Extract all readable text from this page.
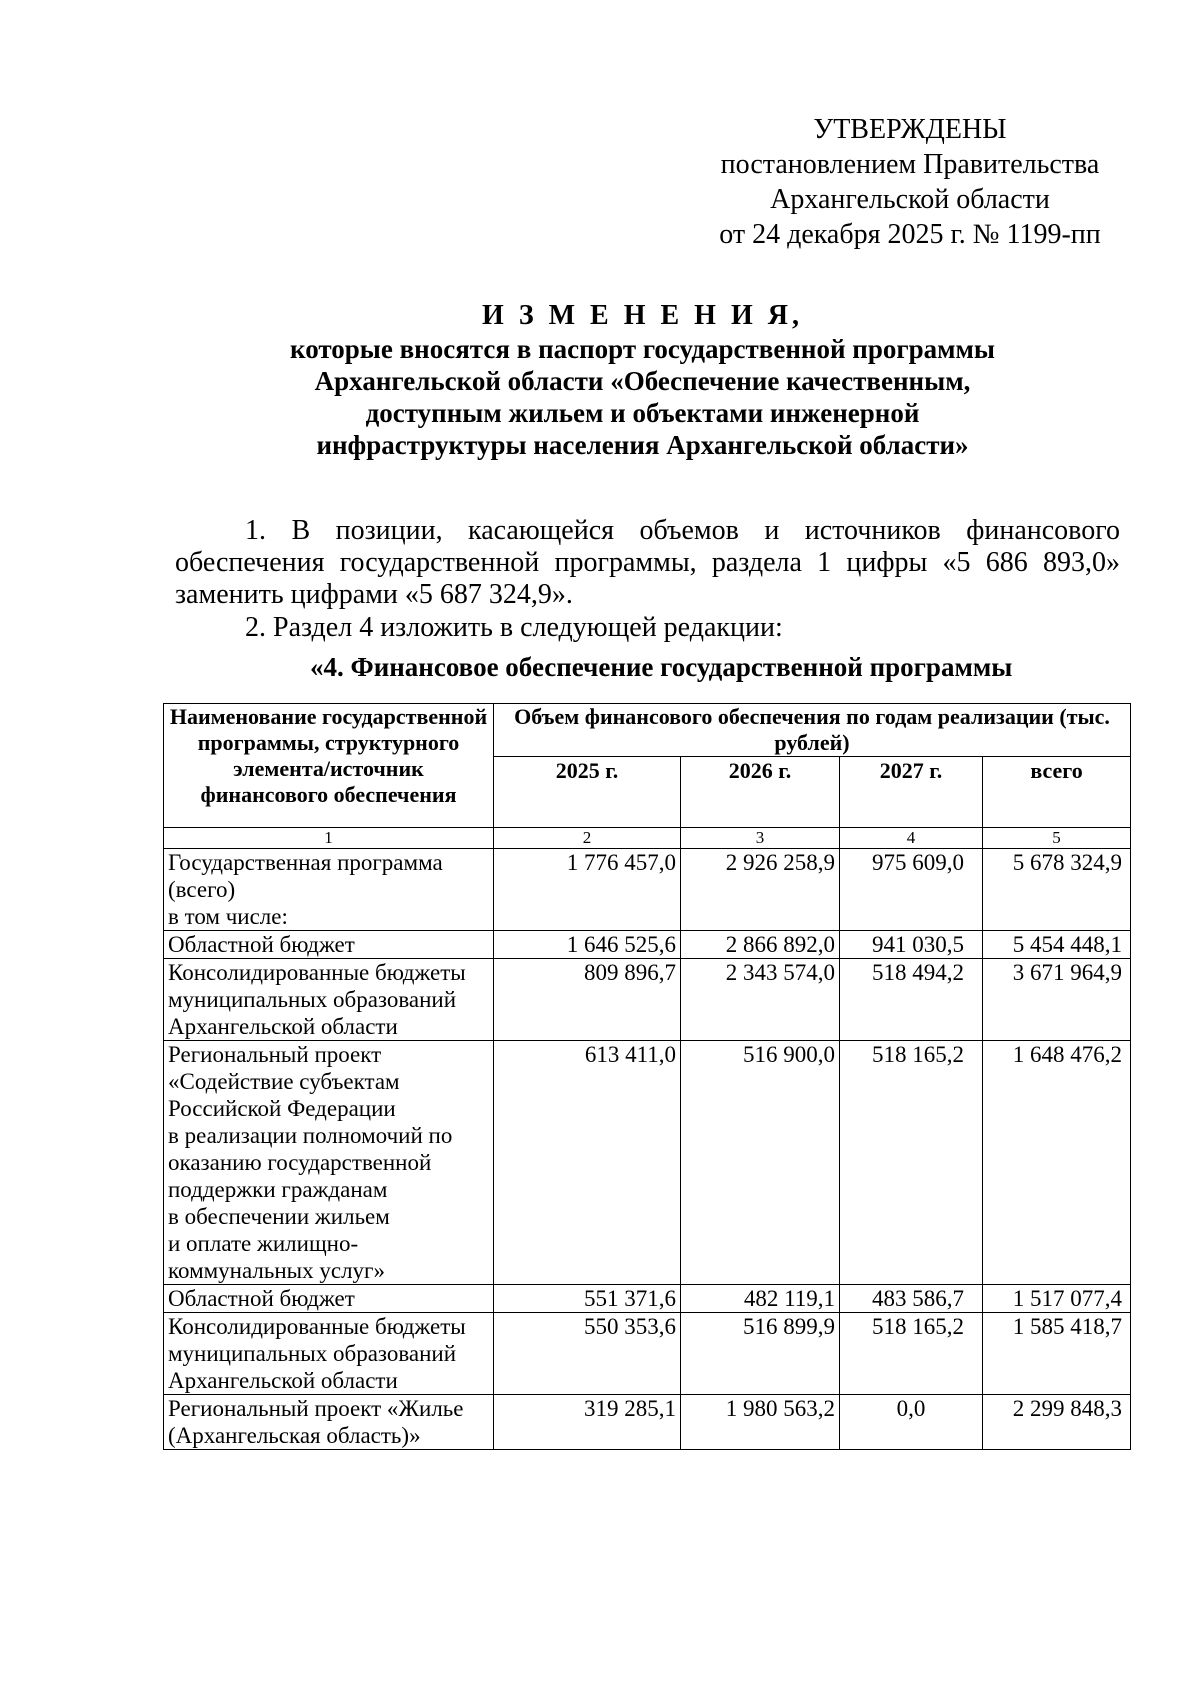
УТВЕРЖДЕНЫ
постановлением Правительства
Архангельской области
от 24 декабря 2025 г. № 1199-пп
И З М Е Н Е Н И Я,
которые вносятся в паспорт государственной программы
Архангельской области «Обеспечение качественным,
доступным жильем и объектами инженерной
инфраструктуры населения Архангельской области»
1. В позиции, касающейся объемов и источников финансового обеспечения государственной программы, раздела 1 цифры «5 686 893,0» заменить цифрами «5 687 324,9».
2. Раздел 4 изложить в следующей редакции:
«4. Финансовое обеспечение государственной программы
Наименование государственной программы, структурного элемента/источник финансового обеспечения	Объем финансового обеспечения по годам реализации (тыс. рублей)			
	2025 г.	2026 г.	2027 г.	всего
1	2	3	4	5
Государственная программа (всего)
в том числе:	1 776 457,0	2 926 258,9	975 609,0	5 678 324,9
Областной бюджет	1 646 525,6	2 866 892,0	941 030,5	5 454 448,1
Консолидированные бюджеты муниципальных образований Архангельской области	809 896,7	2 343 574,0	518 494,2	3 671 964,9
Региональный проект «Содействие субъектам Российской Федерации
в реализации полномочий по оказанию государственной поддержки гражданам
в обеспечении жильем
и оплате жилищно-коммунальных услуг»	613 411,0	516 900,0	518 165,2	1 648 476,2
Областной бюджет	551 371,6	482 119,1	483 586,7	1 517 077,4
Консолидированные бюджеты муниципальных образований Архангельской области	550 353,6	516 899,9	518 165,2	1 585 418,7
Региональный проект «Жилье (Архангельская область)»	319 285,1	1 980 563,2	0,0	2 299 848,3
